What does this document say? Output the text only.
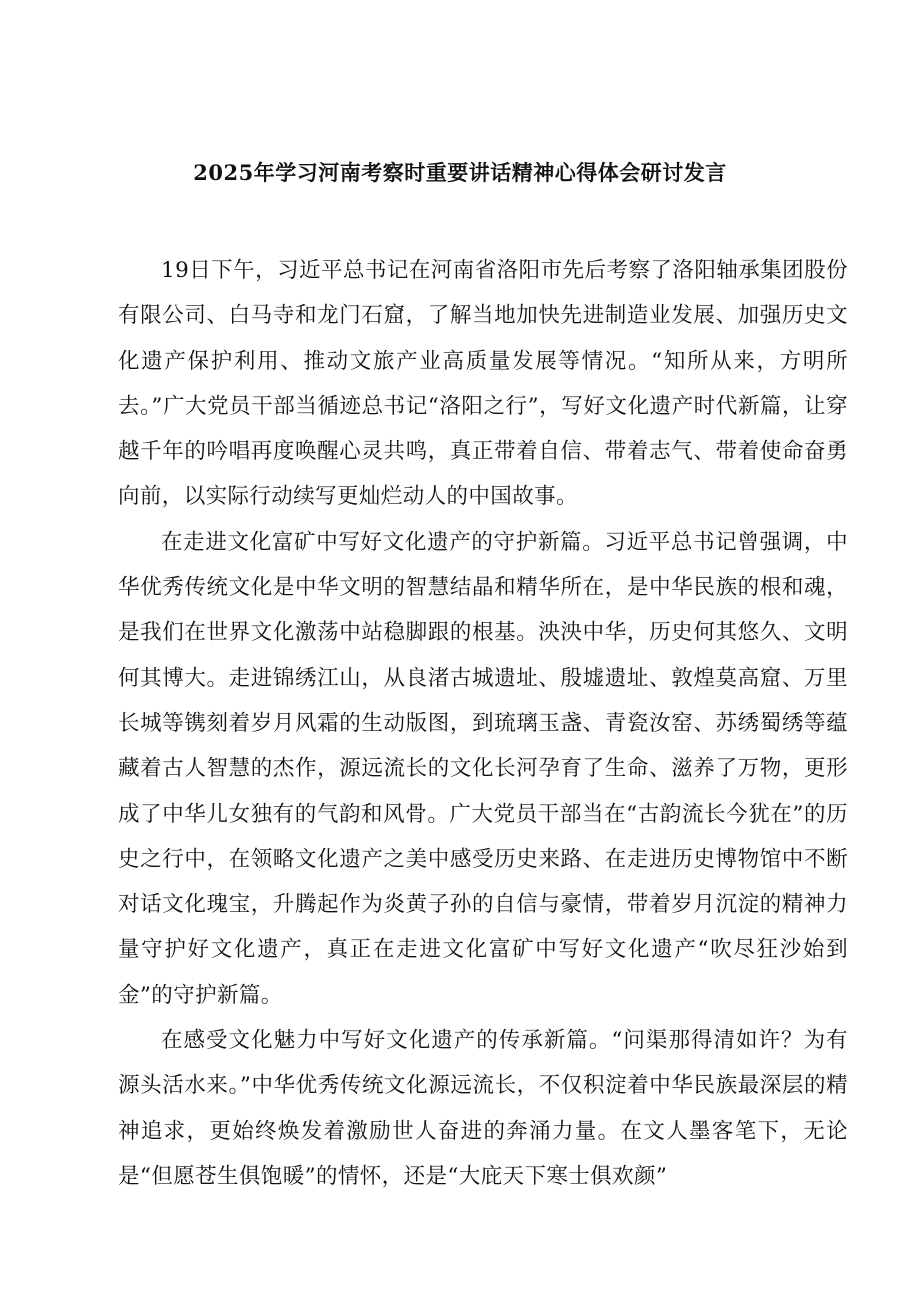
2025年学习河南考察时重要讲话精神心得体会研讨发言

19日下午，习近平总书记在河南省洛阳市先后考察了洛阳轴承集团股份有限公司、白马寺和龙门石窟，了解当地加快先进制造业发展、加强历史文化遗产保护利用、推动文旅产业高质量发展等情况。“知所从来，方明所去。”广大党员干部当循迹总书记“洛阳之行”，写好文化遗产时代新篇，让穿越千年的吟唱再度唤醒心灵共鸣，真正带着自信、带着志气、带着使命奋勇向前，以实际行动续写更灿烂动人的中国故事。

在走进文化富矿中写好文化遗产的守护新篇。习近平总书记曾强调，中华优秀传统文化是中华文明的智慧结晶和精华所在，是中华民族的根和魂，是我们在世界文化激荡中站稳脚跟的根基。泱泱中华，历史何其悠久、文明何其博大。走进锦绣江山，从良渚古城遗址、殷墟遗址、敦煌莫高窟、万里长城等镌刻着岁月风霜的生动版图，到琉璃玉盏、青瓷汝窑、苏绣蜀绣等蕴藏着古人智慧的杰作，源远流长的文化长河孕育了生命、滋养了万物，更形成了中华儿女独有的气韵和风骨。广大党员干部当在“古韵流长今犹在”的历史之行中，在领略文化遗产之美中感受历史来路、在走进历史博物馆中不断对话文化瑰宝，升腾起作为炎黄子孙的自信与豪情，带着岁月沉淀的精神力量守护好文化遗产，真正在走进文化富矿中写好文化遗产“吹尽狂沙始到金”的守护新篇。

在感受文化魅力中写好文化遗产的传承新篇。“问渠那得清如许？为有源头活水来。”中华优秀传统文化源远流长，不仅积淀着中华民族最深层的精神追求，更始终焕发着激励世人奋进的奔涌力量。在文人墨客笔下，无论是“但愿苍生俱饱暖”的情怀，还是“大庇天下寒士俱欢颜”
